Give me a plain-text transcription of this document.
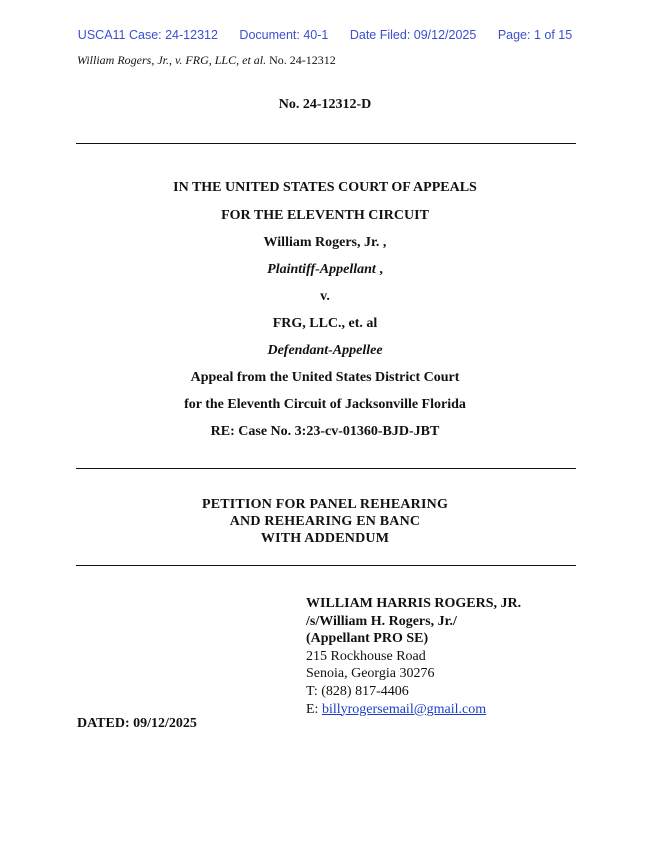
USCA11 Case: 24-12312 Document: 40-1 Date Filed: 09/12/2025 Page: 1 of 15
William Rogers, Jr., v. FRG, LLC, et al. No. 24-12312
No. 24-12312-D
IN THE UNITED STATES COURT OF APPEALS
FOR THE ELEVENTH CIRCUIT
William Rogers, Jr. ,
Plaintiff-Appellant ,
v.
FRG, LLC., et. al
Defendant-Appellee
Appeal from the United States District Court
for the Eleventh Circuit of Jacksonville Florida
RE: Case No. 3:23-cv-01360-BJD-JBT
PETITION FOR PANEL REHEARING
AND REHEARING EN BANC
WITH ADDENDUM
WILLIAM HARRIS ROGERS, JR.
/s/William H. Rogers, Jr./
(Appellant PRO SE)
215 Rockhouse Road
Senoia, Georgia 30276
T: (828) 817-4406
E: billyrogersemail@gmail.com
DATED: 09/12/2025
